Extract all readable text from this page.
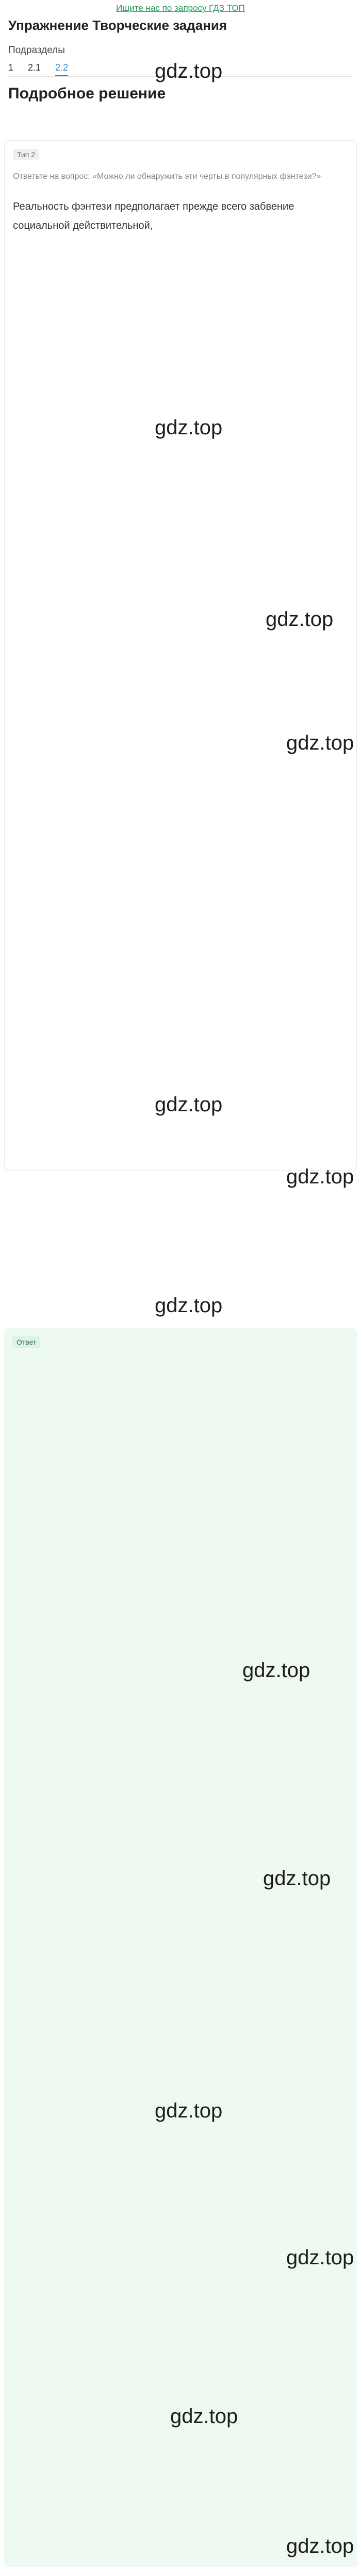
Ищите нас по запросу ГДЗ ТОП
Упражнение Творческие задания
Подразделы
1 2.1 2.2
Подробное решение
gdz.top
Тип 2
Ответьте на вопрос: «Можно ли обнаружить эти черты в популярных фэнтези?»

Реальность фэнтези предполагает прежде всего забвение социальной действительной,

gdz.top
gdz.top
gdz.top
gdz.top
gdz.top
gdz.top
Ответ
gdz.top
gdz.top
gdz.top
gdz.top
gdz.top
gdz.top
